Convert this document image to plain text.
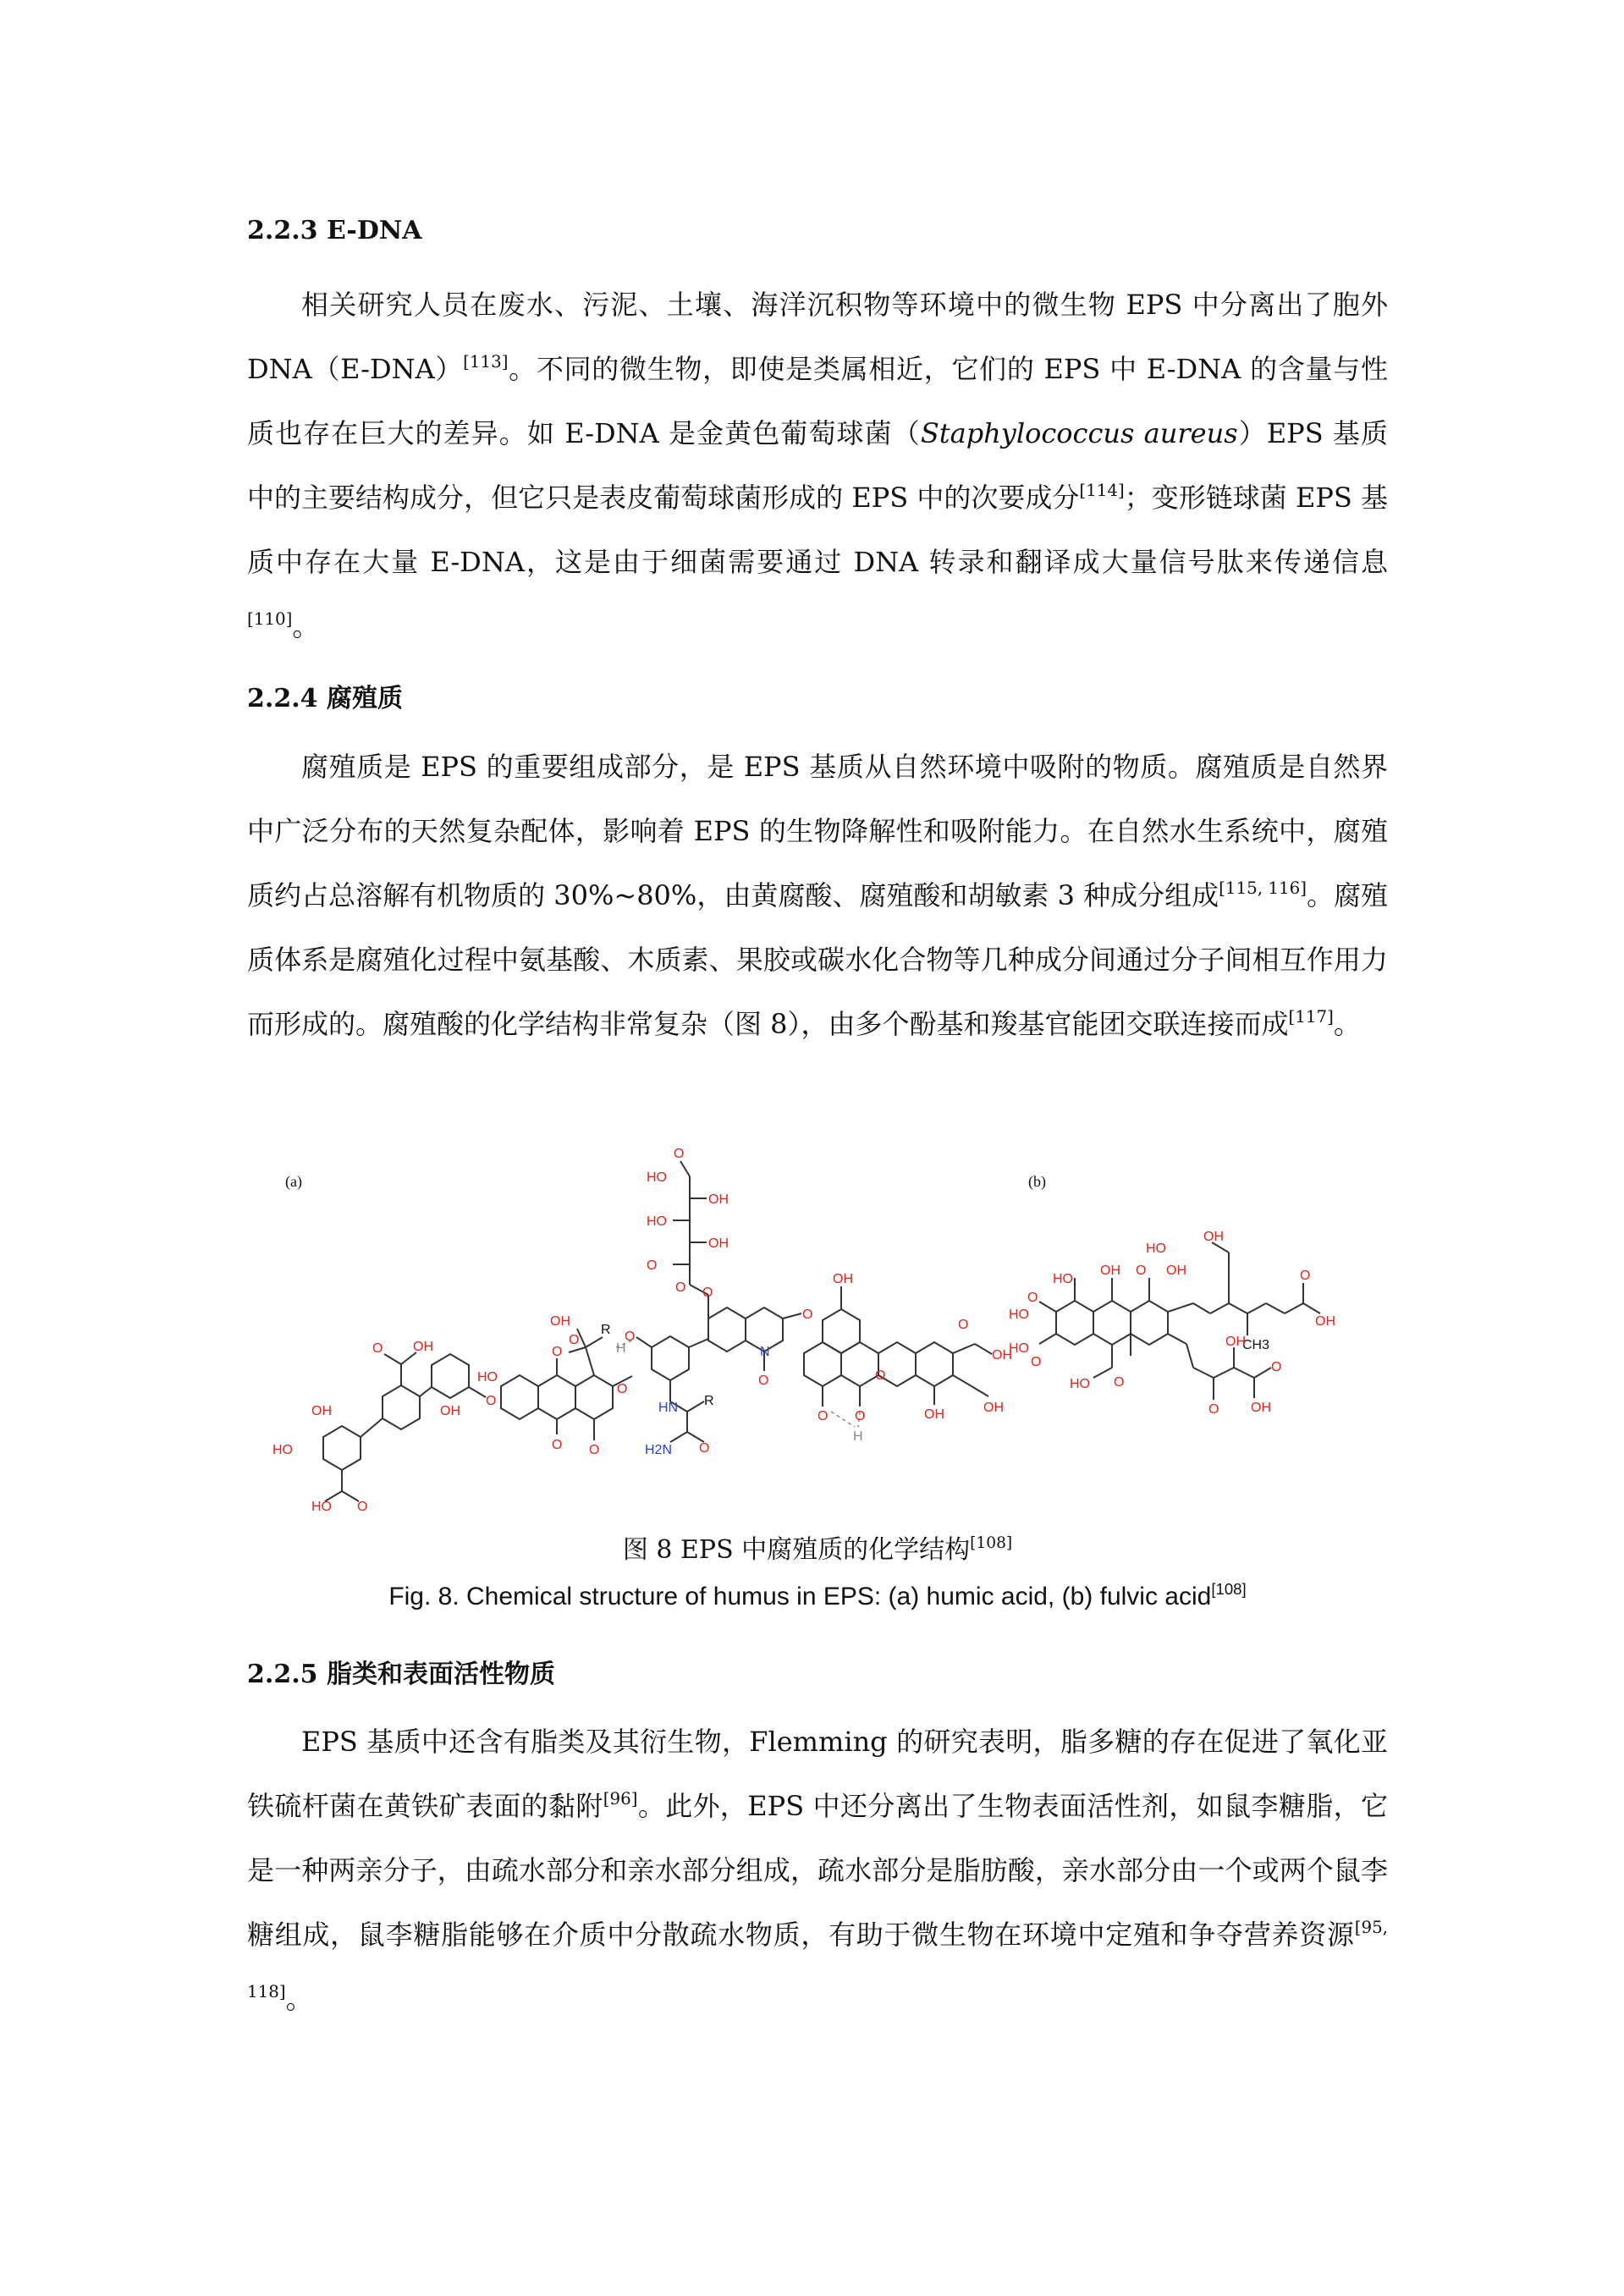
2.2.3 E-DNA

相关研究人员在废水、污泥、土壤、海洋沉积物等环境中的微生物 EPS 中分离出了胞外 DNA（E-DNA）[113]。不同的微生物，即使是类属相近，它们的 EPS 中 E-DNA 的含量与性质也存在巨大的差异。如 E-DNA 是金黄色葡萄球菌（Staphylococcus aureus）EPS 基质中的主要结构成分，但它只是表皮葡萄球菌形成的 EPS 中的次要成分[114]；变形链球菌 EPS 基质中存在大量 E-DNA，这是由于细菌需要通过 DNA 转录和翻译成大量信号肽来传递信息[110]。

2.2.4 腐殖质

腐殖质是 EPS 的重要组成部分，是 EPS 基质从自然环境中吸附的物质。腐殖质是自然界中广泛分布的天然复杂配体，影响着 EPS 的生物降解性和吸附能力。在自然水生系统中，腐殖质约占总溶解有机物质的 30%~80%，由黄腐酸、腐殖酸和胡敏素 3 种成分组成[115, 116]。腐殖质体系是腐殖化过程中氨基酸、木质素、果胶或碳水化合物等几种成分间通过分子间相互作用力而形成的。腐殖酸的化学结构非常复杂（图 8），由多个酚基和羧基官能团交联连接而成[117]。

(a)	(b)
HO
HO O
OH
O OH
OH
O
HO
O
O O
OH
O
R
O
H
O
HN R
H2N O
O
O
O
OH
HO
OH
HO
O
N
O
O
OH
O O
H
O
OH
OH
OH
O
HO
OH O
HO
OH
O
HO
HO
O
HO O
OH
CH3
O
OH
OH
O
O
OH
图 8 EPS 中腐殖质的化学结构[108]
Fig. 8. Chemical structure of humus in EPS: (a) humic acid, (b) fulvic acid[108]
2.2.5 脂类和表面活性物质

EPS 基质中还含有脂类及其衍生物，Flemming 的研究表明，脂多糖的存在促进了氧化亚铁硫杆菌在黄铁矿表面的黏附[96]。此外，EPS 中还分离出了生物表面活性剂，如鼠李糖脂，它是一种两亲分子，由疏水部分和亲水部分组成，疏水部分是脂肪酸，亲水部分由一个或两个鼠李糖组成，鼠李糖脂能够在介质中分散疏水物质，有助于微生物在环境中定殖和争夺营养资源[95, 118]。
